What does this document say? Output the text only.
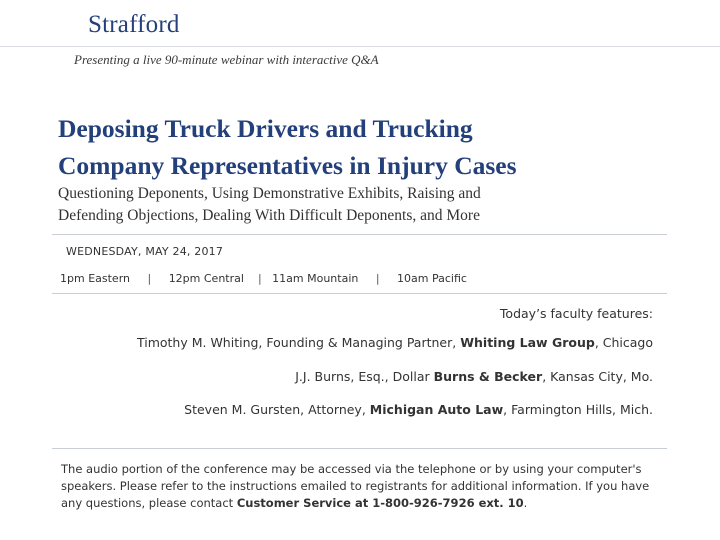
Strafford
Presenting a live 90-minute webinar with interactive Q&A
Deposing Truck Drivers and Trucking
Company Representatives in Injury Cases

Questioning Deponents, Using Demonstrative Exhibits, Raising and
Defending Objections, Dealing With Difficult Deponents, and More

WEDNESDAY, MAY 24, 2017
1pm Eastern | 12pm Central | 11am Mountain | 10am Pacific
Today’s faculty features:
Timothy M. Whiting, Founding & Managing Partner, Whiting Law Group, Chicago
J.J. Burns, Esq., Dollar Burns & Becker, Kansas City, Mo.
Steven M. Gursten, Attorney, Michigan Auto Law, Farmington Hills, Mich.
The audio portion of the conference may be accessed via the telephone or by using your computer's speakers. Please refer to the instructions emailed to registrants for additional information. If you have any questions, please contact Customer Service at 1-800-926-7926 ext. 10.
